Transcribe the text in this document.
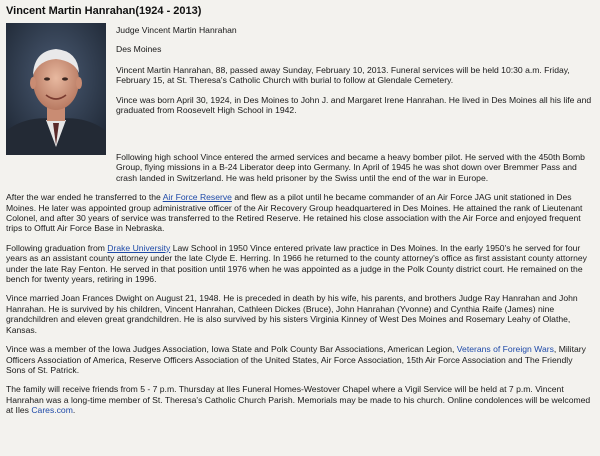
Vincent Martin Hanrahan(1924 - 2013)

Judge Vincent Martin Hanrahan

Des Moines

Vincent Martin Hanrahan, 88, passed away Sunday, February 10, 2013. Funeral services will be held 10:30 a.m. Friday, February 15, at St. Theresa's Catholic Church with burial to follow at Glendale Cemetery.

Vince was born April 30, 1924, in Des Moines to John J. and Margaret Irene Hanrahan. He lived in Des Moines all his life and graduated from Roosevelt High School in 1942.

Following high school Vince entered the armed services and became a heavy bomber pilot. He served with the 450th Bomb Group, flying missions in a B-24 Liberator deep into Germany. In April of 1945 he was shot down over Bremmer Pass and crash landed in Switzerland. He was held prisoner by the Swiss until the end of the war in Europe.

After the war ended he transferred to the Air Force Reserve and flew as a pilot until he became commander of an Air Force JAG unit stationed in Des Moines. He later was appointed group administrative officer of the Air Recovery Group headquartered in Des Moines. He attained the rank of Lieutenant Colonel, and after 30 years of service was transferred to the Retired Reserve. He retained his close association with the Air Force and enjoyed frequent trips to Offutt Air Force Base in Nebraska.

Following graduation from Drake University Law School in 1950 Vince entered private law practice in Des Moines. In the early 1950's he served for four years as an assistant county attorney under the late Clyde E. Herring. In 1966 he returned to the county attorney's office as first assistant county attorney under the late Ray Fenton. He served in that position until 1976 when he was appointed as a judge in the Polk County district court. He remained on the bench for twenty years, retiring in 1996.

Vince married Joan Frances Dwight on August 21, 1948. He is preceded in death by his wife, his parents, and brothers Judge Ray Hanrahan and John Hanrahan. He is survived by his children, Vincent Hanrahan, Cathleen Dickes (Bruce), John Hanrahan (Yvonne) and Cynthia Raife (James) nine grandchildren and eleven great grandchildren. He is also survived by his sisters Virginia Kinney of West Des Moines and Rosemary Leahy of Olathe, Kansas.

Vince was a member of the Iowa Judges Association, Iowa State and Polk County Bar Associations, American Legion, Veterans of Foreign Wars, Military Officers Association of America, Reserve Officers Association of the United States, Air Force Association, 15th Air Force Association and The Friendly Sons of St. Patrick.

The family will receive friends from 5 - 7 p.m. Thursday at Iles Funeral Homes-Westover Chapel where a Vigil Service will be held at 7 p.m. Vincent Hanrahan was a long-time member of St. Theresa's Catholic Church Parish. Memorials may be made to his church. Online condolences will be welcomed at Iles Cares.com.
